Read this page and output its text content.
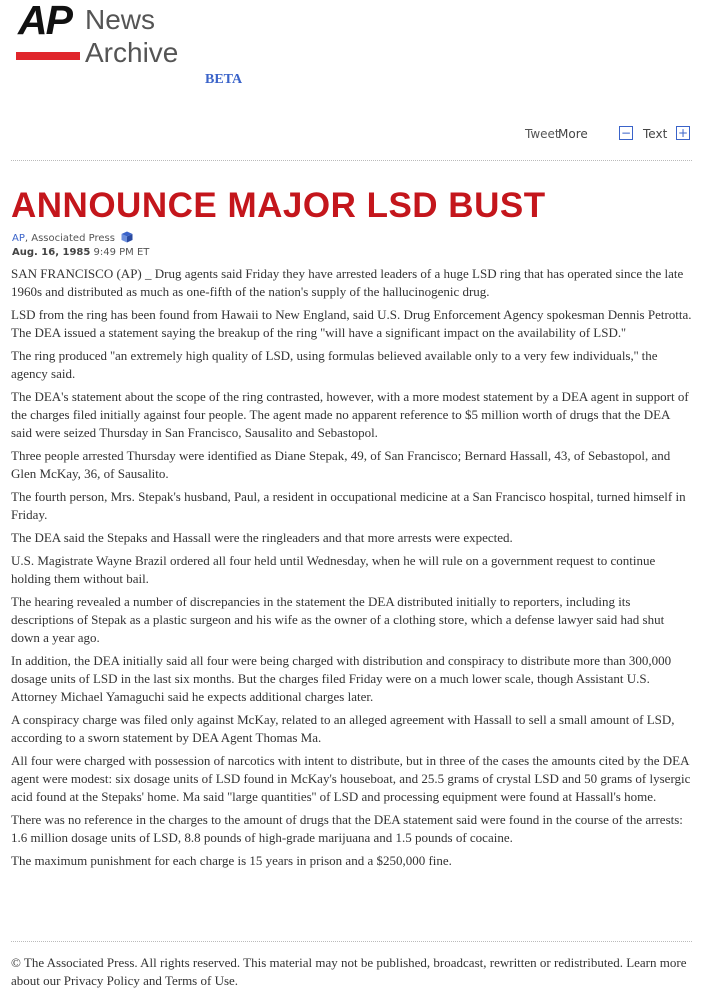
AP News
Archive
BETA
Tweet
More	− Text +
ANNOUNCE MAJOR LSD BUST
AP, Associated Press
Aug. 16, 1985 9:49 PM ET

SAN FRANCISCO (AP) _ Drug agents said Friday they have arrested leaders of a huge LSD ring that has operated since the late 1960s and distributed as much as one-fifth of the nation's supply of the hallucinogenic drug.

LSD from the ring has been found from Hawaii to New England, said U.S. Drug Enforcement Agency spokesman Dennis Petrotta. The DEA issued a statement saying the breakup of the ring ''will have a significant impact on the availability of LSD.''

The ring produced ''an extremely high quality of LSD, using formulas believed available only to a very few individuals,'' the agency said.

The DEA's statement about the scope of the ring contrasted, however, with a more modest statement by a DEA agent in support of the charges filed initially against four people. The agent made no apparent reference to $5 million worth of drugs that the DEA said were seized Thursday in San Francisco, Sausalito and Sebastopol.

Three people arrested Thursday were identified as Diane Stepak, 49, of San Francisco; Bernard Hassall, 43, of Sebastopol, and Glen McKay, 36, of Sausalito.

The fourth person, Mrs. Stepak's husband, Paul, a resident in occupational medicine at a San Francisco hospital, turned himself in Friday.

The DEA said the Stepaks and Hassall were the ringleaders and that more arrests were expected.

U.S. Magistrate Wayne Brazil ordered all four held until Wednesday, when he will rule on a government request to continue holding them without bail.

The hearing revealed a number of discrepancies in the statement the DEA distributed initially to reporters, including its descriptions of Stepak as a plastic surgeon and his wife as the owner of a clothing store, which a defense lawyer said had shut down a year ago.

In addition, the DEA initially said all four were being charged with distribution and conspiracy to distribute more than 300,000 dosage units of LSD in the last six months. But the charges filed Friday were on a much lower scale, though Assistant U.S. Attorney Michael Yamaguchi said he expects additional charges later.

A conspiracy charge was filed only against McKay, related to an alleged agreement with Hassall to sell a small amount of LSD, according to a sworn statement by DEA Agent Thomas Ma.

All four were charged with possession of narcotics with intent to distribute, but in three of the cases the amounts cited by the DEA agent were modest: six dosage units of LSD found in McKay's houseboat, and 25.5 grams of crystal LSD and 50 grams of lysergic acid found at the Stepaks' home. Ma said ''large quantities'' of LSD and processing equipment were found at Hassall's home.

There was no reference in the charges to the amount of drugs that the DEA statement said were found in the course of the arrests: 1.6 million dosage units of LSD, 8.8 pounds of high-grade marijuana and 1.5 pounds of cocaine.

The maximum punishment for each charge is 15 years in prison and a $250,000 fine.

© The Associated Press. All rights reserved. This material may not be published, broadcast, rewritten or redistributed. Learn more about our Privacy Policy and Terms of Use.
